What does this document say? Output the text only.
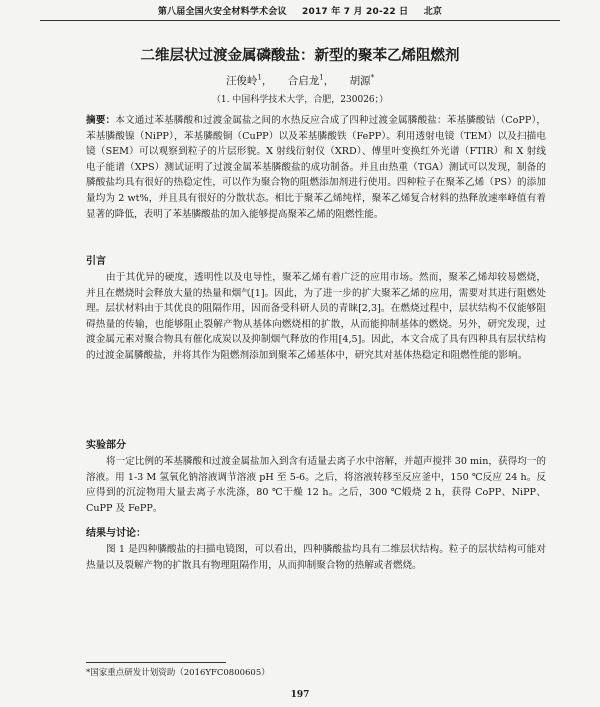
第八届全国火安全材料学术会议 2017 年 7 月 20-22 日 北京
二维层状过渡金属磷酸盐：新型的聚苯乙烯阻燃剂
汪俊岭$^1$， 合启龙$^1$， 胡源*
（1. 中国科学技术大学，合肥，230026；）
摘要：本文通过苯基膦酸和过渡金属盐之间的水热反应合成了四种过渡金属膦酸盐：苯基膦酸钴（CoPP），苯基膦酸镍（NiPP），苯基膦酸铜（CuPP）以及苯基膦酸铁（FePP）。利用透射电镜（TEM）以及扫描电镜（SEM）可以观察到粒子的片层形貌。X 射线衍射仪（XRD）、傅里叶变换红外光谱（FTIR）和 X 射线电子能谱（XPS）测试证明了过渡金属苯基膦酸盐的成功制备。并且由热重（TGA）测试可以发现，制备的膦酸盐均具有很好的热稳定性，可以作为聚合物的阻燃添加剂进行使用。四种粒子在聚苯乙烯（PS）的添加量均为 2 wt%，并且具有很好的分散状态。相比于聚苯乙烯纯样，聚苯乙烯复合材料的热释放速率峰值有着显著的降低，表明了苯基膦酸盐的加入能够提高聚苯乙烯的阻燃性能。
引言

由于其优异的硬度，透明性以及电导性，聚苯乙烯有着广泛的应用市场。然而，聚苯乙烯却较易燃烧，并且在燃烧时会释放大量的热量和烟气[1]。因此，为了进一步的扩大聚苯乙烯的应用，需要对其进行阻燃处理。层状材料由于其优良的阻隔作用，因而备受科研人员的青睐[2,3]。在燃烧过程中，层状结构不仅能够阻碍热量的传输，也能够阻止裂解产物从基体向燃烧相的扩散，从而能抑制基体的燃烧。另外，研究发现，过渡金属元素对聚合物具有催化成炭以及抑制烟气释放的作用[4,5]。因此，本文合成了具有四种具有层状结构的过渡金属膦酸盐，并将其作为阻燃剂添加到聚苯乙烯基体中，研究其对基体热稳定和阻燃性能的影响。

实验部分

将一定比例的苯基膦酸和过渡金属盐加入到含有适量去离子水中溶解，并超声搅拌 30 min，获得均一的溶液。用 1-3 M 氢氧化钠溶液调节溶液 pH 至 5-6。之后，将溶液转移至反应釜中，150 ℃反应 24 h。反应得到的沉淀物用大量去离子水洗涤，80 ℃干燥 12 h。之后，300 ℃煅烧 2 h，获得 CoPP、NiPP、CuPP 及 FePP。

结果与讨论：

图 1 是四种膦酸盐的扫描电镜图，可以看出，四种膦酸盐均具有二维层状结构。粒子的层状结构可能对热量以及裂解产物的扩散具有物理阻隔作用，从而抑制聚合物的热解或者燃烧。

*国家重点研发计划资助（2016YFC0800605）
197
